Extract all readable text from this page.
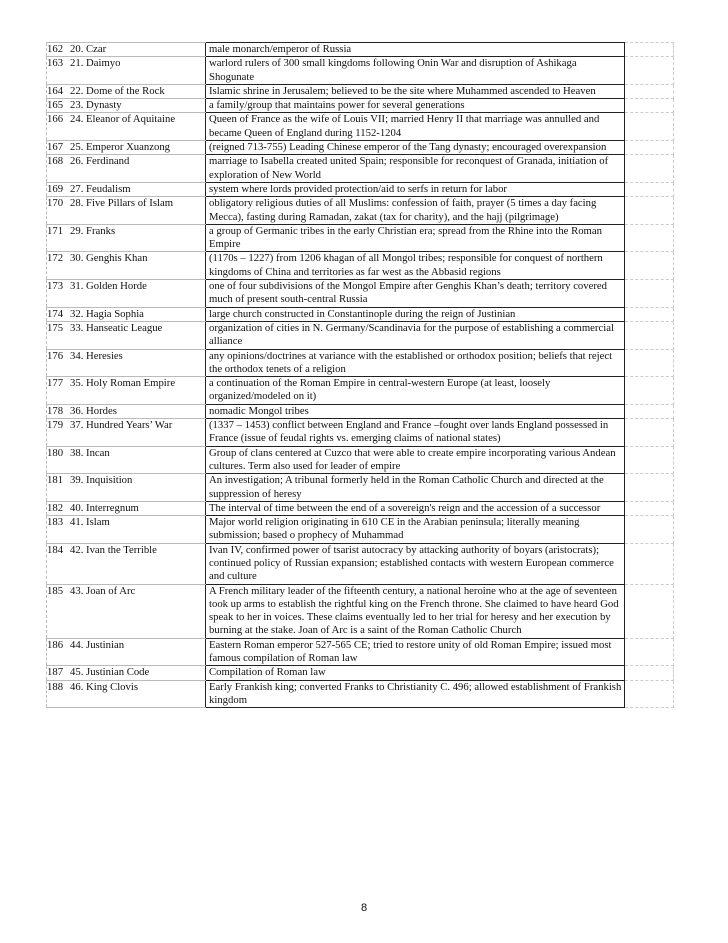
162	20. Czar	male monarch/emperor of Russia	
163	21. Daimyo	warlord rulers of 300 small kingdoms following Onin War and disruption of Ashikaga Shogunate	
164	22. Dome of the Rock	Islamic shrine in Jerusalem; believed to be the site where Muhammed ascended to Heaven	
165	23. Dynasty	a family/group that maintains power for several generations	
166	24. Eleanor of Aquitaine	Queen of France as the wife of Louis VII; married Henry II that marriage was annulled and became Queen of England during 1152-1204	
167	25. Emperor Xuanzong	(reigned 713-755) Leading Chinese emperor of the Tang dynasty; encouraged overexpansion	
168	26. Ferdinand	marriage to Isabella created united Spain; responsible for reconquest of Granada, initiation of exploration of New World	
169	27. Feudalism	system where lords provided protection/aid to serfs in return for labor	
170	28. Five Pillars of Islam	obligatory religious duties of all Muslims: confession of faith, prayer (5 times a day facing Mecca), fasting during Ramadan, zakat (tax for charity), and the hajj (pilgrimage)	
171	29. Franks	a group of Germanic tribes in the early Christian era; spread from the Rhine into the Roman Empire	
172	30. Genghis Khan	(1170s – 1227) from 1206 khagan of all Mongol tribes; responsible for conquest of northern kingdoms of China and territories as far west as the Abbasid regions	
173	31. Golden Horde	one of four subdivisions of the Mongol Empire after Genghis Khan’s death; territory covered much of present south-central Russia	
174	32. Hagia Sophia	large church constructed in Constantinople during the reign of Justinian	
175	33. Hanseatic League	organization of cities in N. Germany/Scandinavia for the purpose of establishing a commercial alliance	
176	34. Heresies	any opinions/doctrines at variance with the established or orthodox position; beliefs that reject the orthodox tenets of a religion	
177	35. Holy Roman Empire	a continuation of the Roman Empire in central-western Europe (at least, loosely organized/modeled on it)	
178	36. Hordes	nomadic Mongol tribes	
179	37. Hundred Years’ War	(1337 – 1453) conflict between England and France –fought over lands England possessed in France (issue of feudal rights vs. emerging claims of national states)	
180	38. Incan	Group of clans centered at Cuzco that were able to create empire incorporating various Andean cultures. Term also used for leader of empire	
181	39. Inquisition	An investigation; A tribunal formerly held in the Roman Catholic Church and directed at the suppression of heresy	
182	40. Interregnum	The interval of time between the end of a sovereign's reign and the accession of a successor	
183	41. Islam	Major world religion originating in 610 CE in the Arabian peninsula; literally meaning submission; based o prophecy of Muhammad	
184	42. Ivan the Terrible	Ivan IV, confirmed power of tsarist autocracy by attacking authority of boyars (aristocrats); continued policy of Russian expansion; established contacts with western European commerce and culture	
185	43. Joan of Arc	A French military leader of the fifteenth century, a national heroine who at the age of seventeen took up arms to establish the rightful king on the French throne. She claimed to have heard God speak to her in voices. These claims eventually led to her trial for heresy and her execution by burning at the stake. Joan of Arc is a saint of the Roman Catholic Church	
186	44. Justinian	Eastern Roman emperor 527-565 CE; tried to restore unity of old Roman Empire; issued most famous compilation of Roman law	
187	45. Justinian Code	Compilation of Roman law	
188	46. King Clovis	Early Frankish king; converted Franks to Christianity C. 496; allowed establishment of Frankish kingdom	
8
